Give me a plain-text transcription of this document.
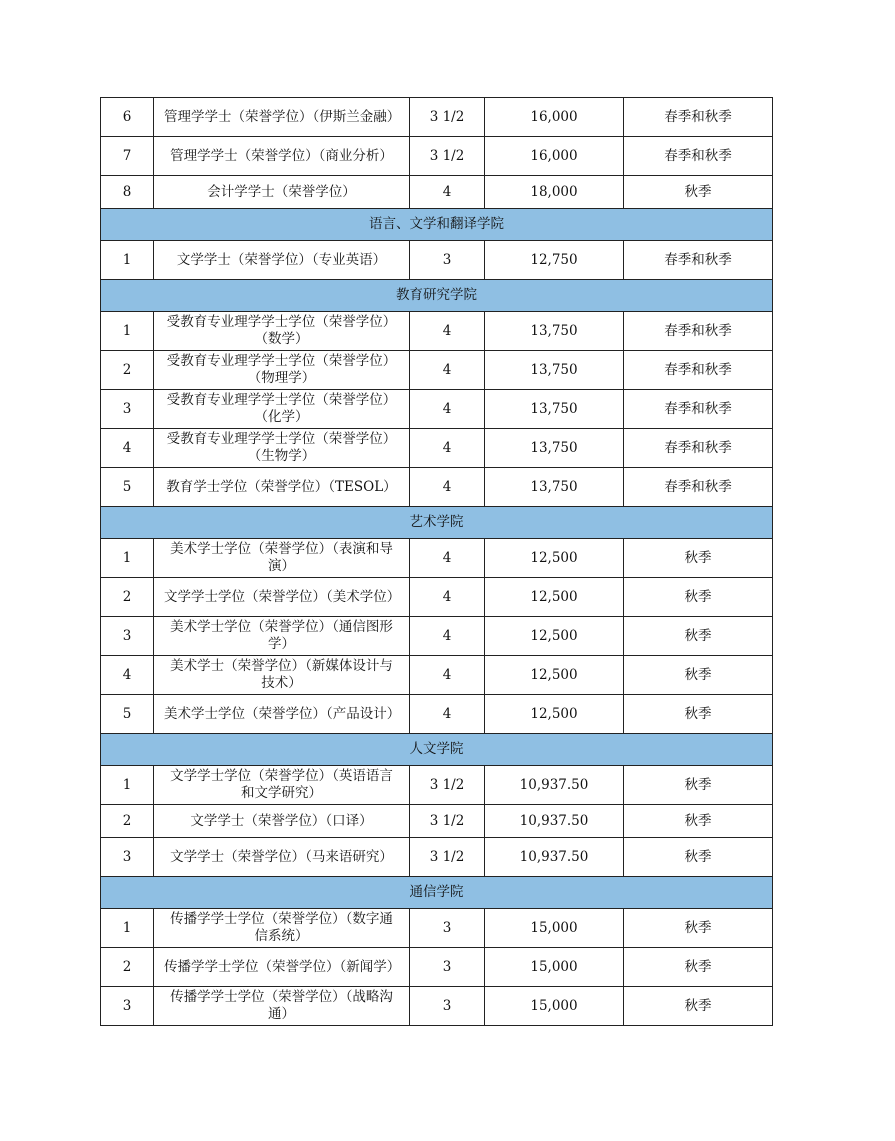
6	管理学学士（荣誉学位）（伊斯兰金融）	3 1/2	16,000	春季和秋季
7	管理学学士（荣誉学位）（商业分析）	3 1/2	16,000	春季和秋季
8	会计学学士（荣誉学位）	4	18,000	秋季
语言、文学和翻译学院				
1	文学学士（荣誉学位）（专业英语）	3	12,750	春季和秋季
教育研究学院				
1	受教育专业理学学士学位（荣誉学位）（数学）	4	13,750	春季和秋季
2	受教育专业理学学士学位（荣誉学位）（物理学）	4	13,750	春季和秋季
3	受教育专业理学学士学位（荣誉学位）（化学）	4	13,750	春季和秋季
4	受教育专业理学学士学位（荣誉学位）（生物学）	4	13,750	春季和秋季
5	教育学士学位（荣誉学位）（TESOL）	4	13,750	春季和秋季
艺术学院				
1	美术学士学位（荣誉学位）（表演和导演）	4	12,500	秋季
2	文学学士学位（荣誉学位）（美术学位）	4	12,500	秋季
3	美术学士学位（荣誉学位）（通信图形学）	4	12,500	秋季
4	美术学士（荣誉学位）（新媒体设计与技术）	4	12,500	秋季
5	美术学士学位（荣誉学位）（产品设计）	4	12,500	秋季
人文学院				
1	文学学士学位（荣誉学位）（英语语言和文学研究）	3 1/2	10,937.50	秋季
2	文学学士（荣誉学位）（口译）	3 1/2	10,937.50	秋季
3	文学学士（荣誉学位）（马来语研究）	3 1/2	10,937.50	秋季
通信学院				
1	传播学学士学位（荣誉学位）（数字通信系统）	3	15,000	秋季
2	传播学学士学位（荣誉学位）（新闻学）	3	15,000	秋季
3	传播学学士学位（荣誉学位）（战略沟通）	3	15,000	秋季
